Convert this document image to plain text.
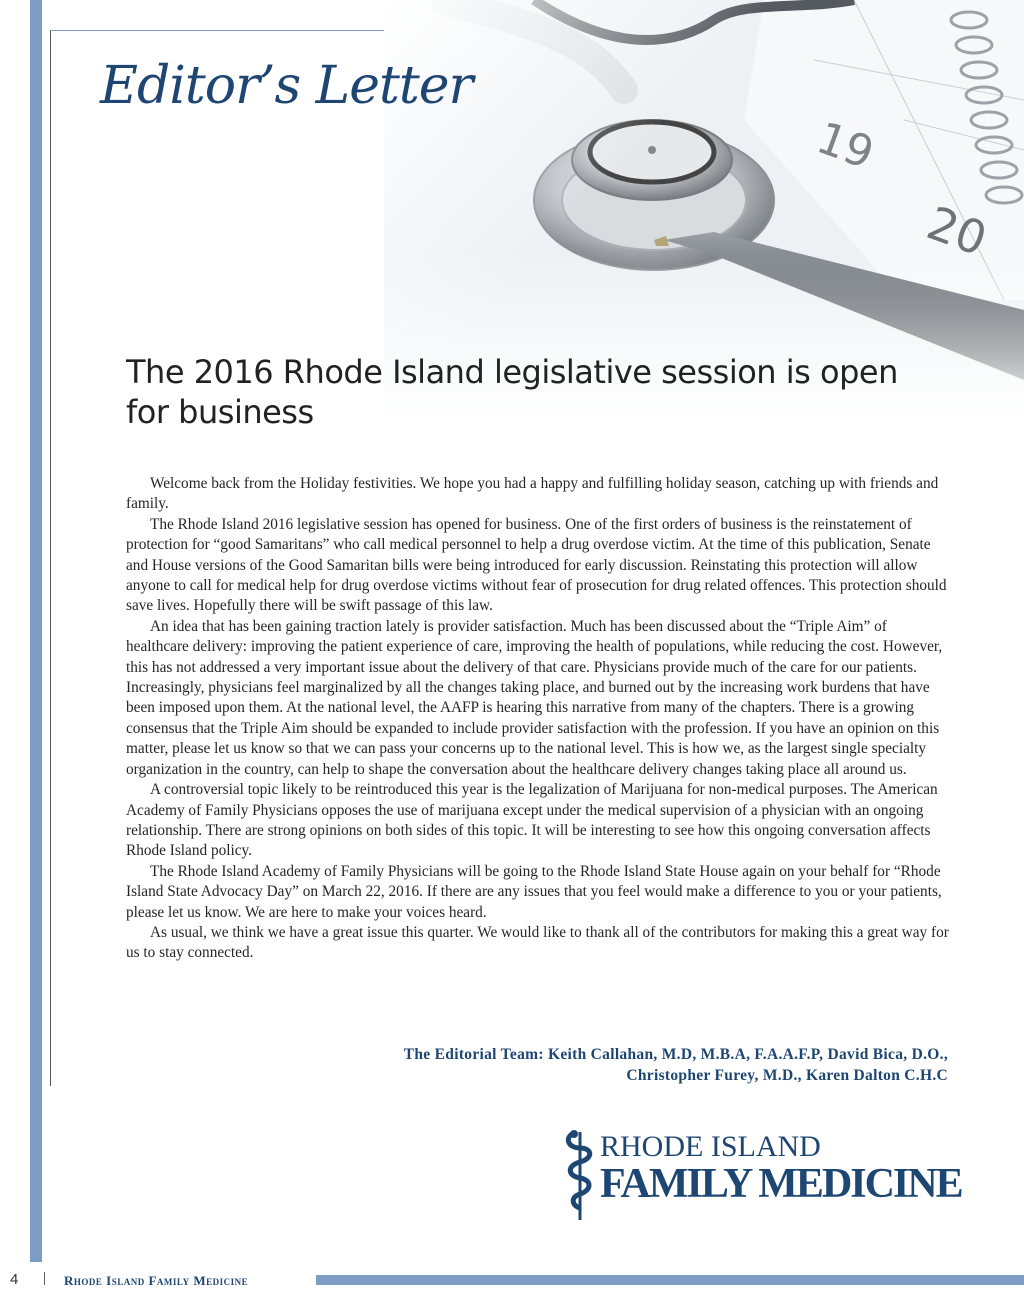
Editor’s Letter
The 2016 Rhode Island legislative session is open for business

Welcome back from the Holiday festivities. We hope you had a happy and fulfilling holiday season, catching up with friends and family.

The Rhode Island 2016 legislative session has opened for business. One of the first orders of business is the reinstatement of protection for “good Samaritans” who call medical personnel to help a drug overdose victim. At the time of this publication, Senate and House versions of the Good Samaritan bills were being introduced for early discussion. Reinstating this protection will allow anyone to call for medical help for drug overdose victims without fear of prosecution for drug related offences. This protection should save lives. Hopefully there will be swift passage of this law.

An idea that has been gaining traction lately is provider satisfaction. Much has been discussed about the “Triple Aim” of healthcare delivery: improving the patient experience of care, improving the health of populations, while reducing the cost. However, this has not addressed a very important issue about the delivery of that care. Physicians provide much of the care for our patients. Increasingly, physicians feel marginalized by all the changes taking place, and burned out by the increasing work burdens that have been imposed upon them. At the national level, the AAFP is hearing this narrative from many of the chapters. There is a growing consensus that the Triple Aim should be expanded to include provider satisfaction with the profession. If you have an opinion on this matter, please let us know so that we can pass your concerns up to the national level. This is how we, as the largest single specialty organization in the country, can help to shape the conversation about the healthcare delivery changes taking place all around us.

A controversial topic likely to be reintroduced this year is the legalization of Marijuana for non-medical purposes. The American Academy of Family Physicians opposes the use of marijuana except under the medical supervision of a physician with an ongoing relationship. There are strong opinions on both sides of this topic. It will be interesting to see how this ongoing conversation affects Rhode Island policy.

The Rhode Island Academy of Family Physicians will be going to the Rhode Island State House again on your behalf for “Rhode Island State Advocacy Day” on March 22, 2016. If there are any issues that you feel would make a difference to you or your patients, please let us know. We are here to make your voices heard.

As usual, we think we have a great issue this quarter. We would like to thank all of the contributors for making this a great way for us to stay connected.

The Editorial Team: Keith Callahan, M.D, M.B.A, F.A.A.F.P, David Bica, D.O.,
Christopher Furey, M.D., Karen Dalton C.H.C
RHODE ISLAND
FAMILY MEDICINE
4 | Rhode Island Family Medicine
